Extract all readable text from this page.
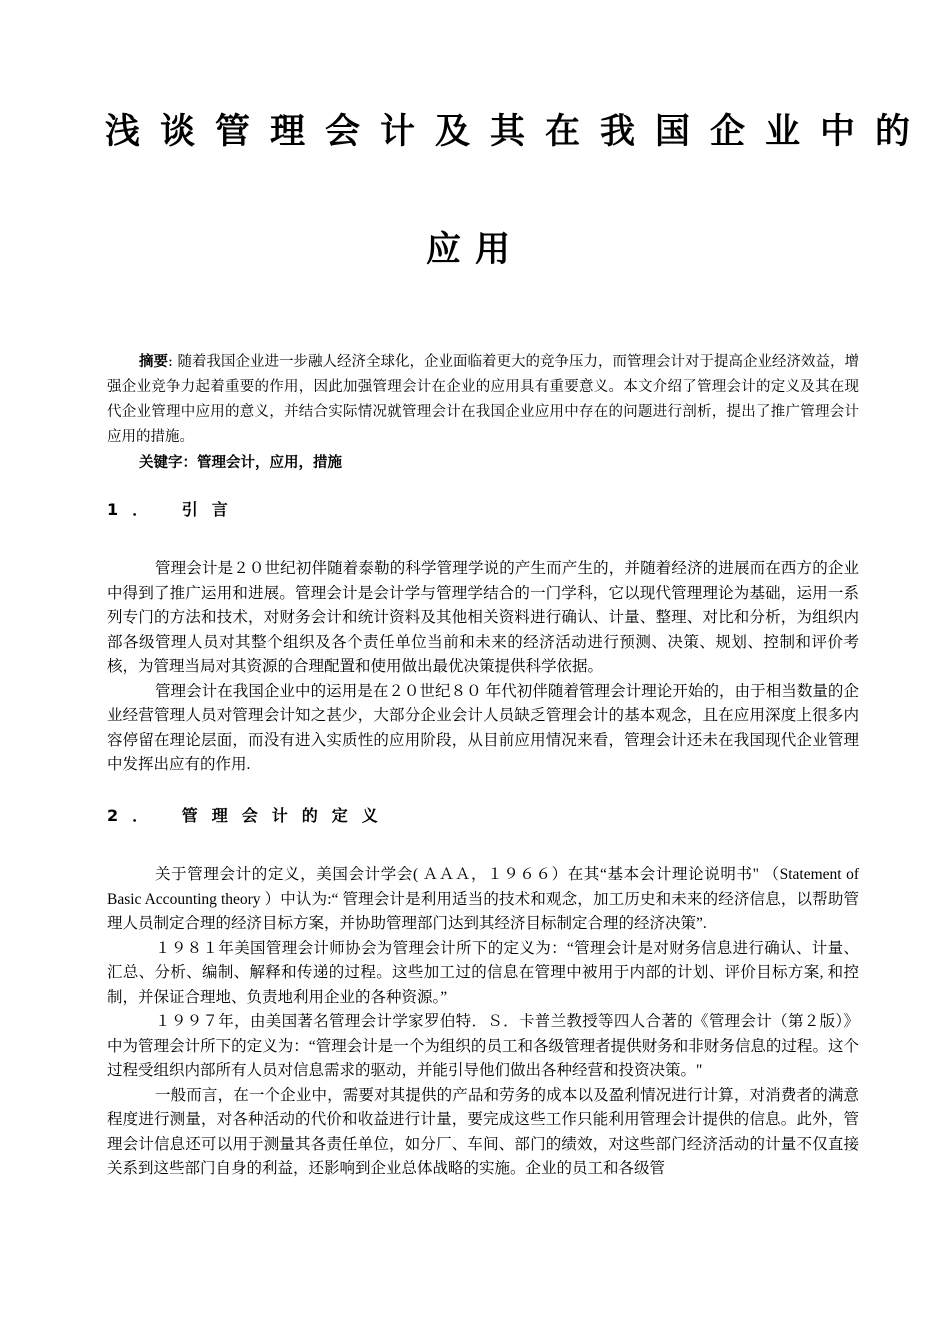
浅谈管理会计及其在我国企业中的
应用
摘要: 随着我国企业进一步融人经济全球化，企业面临着更大的竞争压力，而管理会计对于提高企业经济效益，增强企业竞争力起着重要的作用，因此加强管理会计在企业的应用具有重要意义。本文介绍了管理会计的定义及其在现代企业管理中应用的意义，并结合实际情况就管理会计在我国企业应用中存在的问题进行剖析，提出了推广管理会计应用的措施。
关键字：管理会计，应用，措施
1． 引言

管理会计是２０世纪初伴随着泰勒的科学管理学说的产生而产生的，并随着经济的进展而在西方的企业中得到了推广运用和进展。管理会计是会计学与管理学结合的一门学科，它以现代管理理论为基础，运用一系列专门的方法和技术，对财务会计和统计资料及其他相关资料进行确认、计量、整理、对比和分析，为组织内部各级管理人员对其整个组织及各个责任单位当前和未来的经济活动进行预测、决策、规划、控制和评价考核，为管理当局对其资源的合理配置和使用做出最优决策提供科学依据。

管理会计在我国企业中的运用是在２０世纪８０ 年代初伴随着管理会计理论开始的，由于相当数量的企业经营管理人员对管理会计知之甚少，大部分企业会计人员缺乏管理会计的基本观念，且在应用深度上很多内容停留在理论层面，而没有进入实质性的应用阶段，从目前应用情况来看，管理会计还未在我国现代企业管理中发挥出应有的作用.

2． 管理会计的定义

关于管理会计的定义，美国会计学会( ＡＡＡ，１９６６）在其“基本会计理论说明书" （Statement of Basic Accounting theory ）中认为:“ 管理会计是利用适当的技术和观念，加工历史和未来的经济信息，以帮助管理人员制定合理的经济目标方案，并协助管理部门达到其经济目标制定合理的经济决策”.

１９８１年美国管理会计师协会为管理会计所下的定义为：“管理会计是对财务信息进行确认、计量、汇总、分析、编制、解释和传递的过程。这些加工过的信息在管理中被用于内部的计划、评价目标方案, 和控制，并保证合理地、负责地利用企业的各种资源。”

１９９７年，由美国著名管理会计学家罗伯特．Ｓ．卡普兰教授等四人合著的《管理会计（第２版）》中为管理会计所下的定义为：“管理会计是一个为组织的员工和各级管理者提供财务和非财务信息的过程。这个过程受组织内部所有人员对信息需求的驱动，并能引导他们做出各种经营和投资决策。"

一般而言，在一个企业中，需要对其提供的产品和劳务的成本以及盈利情况进行计算，对消费者的满意程度进行测量，对各种活动的代价和收益进行计量，要完成这些工作只能利用管理会计提供的信息。此外，管理会计信息还可以用于测量其各责任单位，如分厂、车间、部门的绩效，对这些部门经济活动的计量不仅直接关系到这些部门自身的利益，还影响到企业总体战略的实施。企业的员工和各级管
